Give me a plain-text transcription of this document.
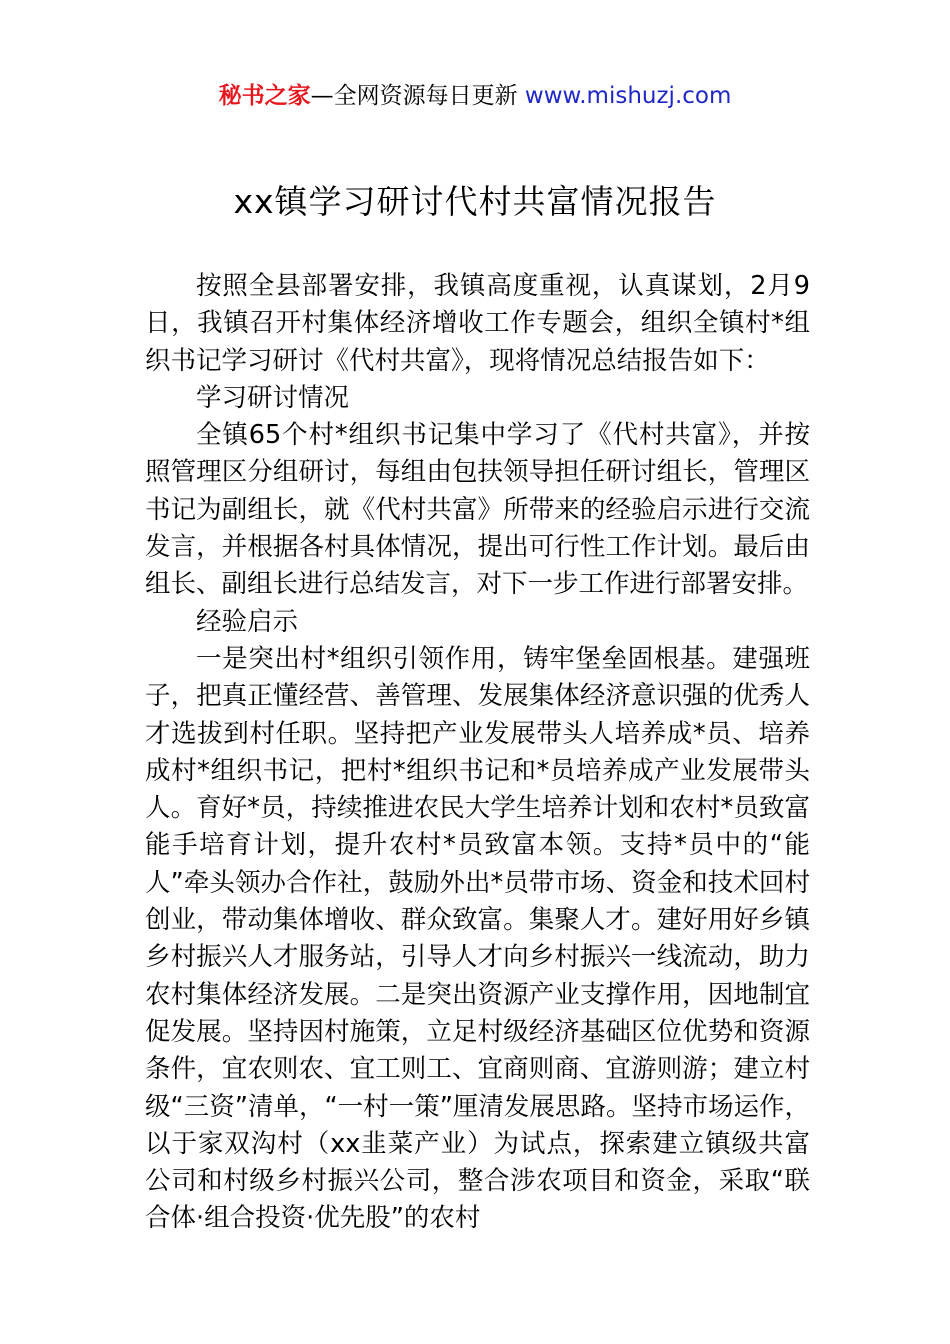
秘书之家—全网资源每日更新 www.mishuzj.com
xx镇学习研讨代村共富情况报告

按照全县部署安排，我镇高度重视，认真谋划，2月9日，我镇召开村集体经济增收工作专题会，组织全镇村*组织书记学习研讨《代村共富》，现将情况总结报告如下：

学习研讨情况

全镇65个村*组织书记集中学习了《代村共富》，并按照管理区分组研讨，每组由包扶领导担任研讨组长，管理区书记为副组长，就《代村共富》所带来的经验启示进行交流发言，并根据各村具体情况，提出可行性工作计划。最后由组长、副组长进行总结发言，对下一步工作进行部署安排。

经验启示

一是突出村*组织引领作用，铸牢堡垒固根基。建强班子，把真正懂经营、善管理、发展集体经济意识强的优秀人才选拔到村任职。坚持把产业发展带头人培养成*员、培养成村*组织书记，把村*组织书记和*员培养成产业发展带头人。育好*员，持续推进农民大学生培养计划和农村*员致富能手培育计划，提升农村*员致富本领。支持*员中的“能人”牵头领办合作社，鼓励外出*员带市场、资金和技术回村创业，带动集体增收、群众致富。集聚人才。建好用好乡镇乡村振兴人才服务站，引导人才向乡村振兴一线流动，助力农村集体经济发展。二是突出资源产业支撑作用，因地制宜促发展。坚持因村施策，立足村级经济基础区位优势和资源条件，宜农则农、宜工则工、宜商则商、宜游则游；建立村级“三资”清单，“一村一策”厘清发展思路。坚持市场运作，以于家双沟村（xx韭菜产业）为试点，探索建立镇级共富公司和村级乡村振兴公司，整合涉农项目和资金，采取“联合体·组合投资·优先股”的农村
